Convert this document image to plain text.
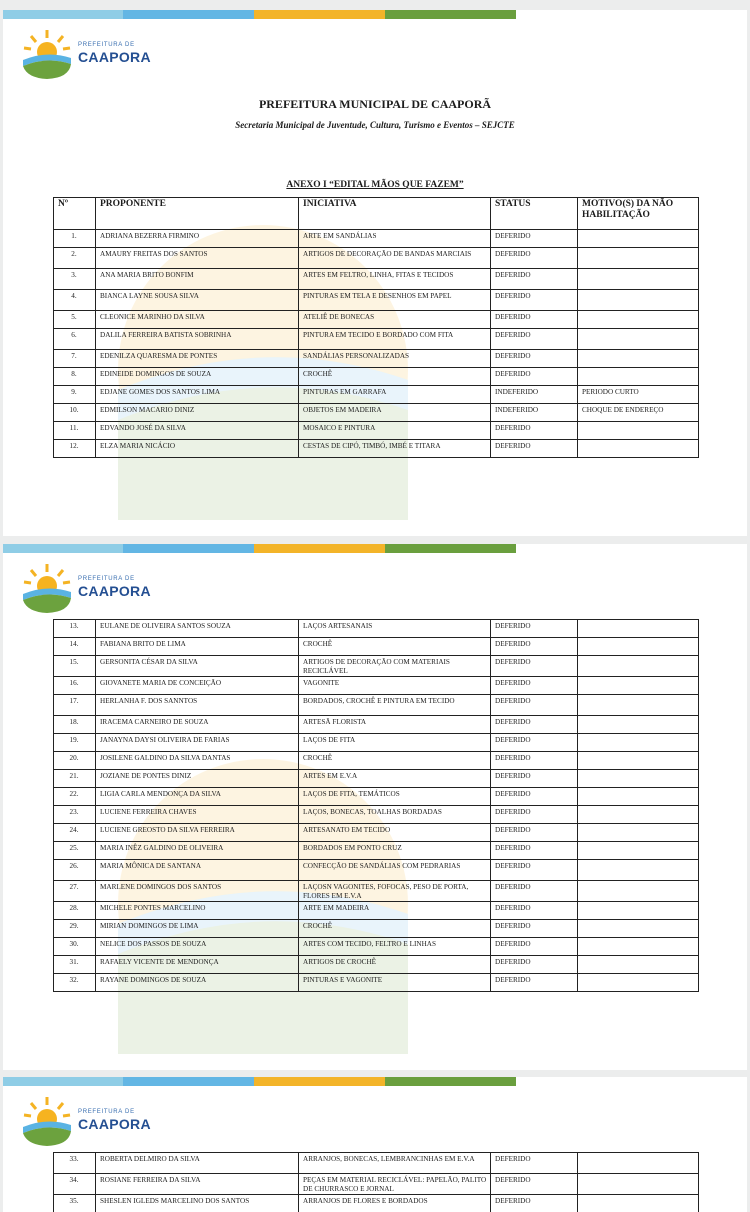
PREFEITURA DE
CAAPORA
PREFEITURA MUNICIPAL DE CAAPORÃ
Secretaria Municipal de Juventude, Cultura, Turismo e Eventos – SEJCTE
ANEXO I “EDITAL MÃOS QUE FAZEM”
Nº	PROPONENTE	INICIATIVA	STATUS	MOTIVO(S) DA NÃO HABILITAÇÃO
1.	ADRIANA BEZERRA FIRMINO	ARTE EM SANDÁLIAS	DEFERIDO	
2.	AMAURY FREITAS DOS SANTOS	ARTIGOS DE DECORAÇÃO DE BANDAS MARCIAIS	DEFERIDO	
3.	ANA MARIA BRITO BONFIM	ARTES EM FELTRO, LINHA, FITAS E TECIDOS	DEFERIDO	
4.	BIANCA LAYNE SOUSA SILVA	PINTURAS EM TELA E DESENHOS EM PAPEL	DEFERIDO	
5.	CLEONICE MARINHO DA SILVA	ATELIÊ DE BONECAS	DEFERIDO	
6.	DALILA FERREIRA BATISTA SOBRINHA	PINTURA EM TECIDO E BORDADO COM FITA	DEFERIDO	
7.	EDENILZA QUARESMA DE PONTES	SANDÁLIAS PERSONALIZADAS	DEFERIDO	
8.	EDINEIDE DOMINGOS DE SOUZA	CROCHÊ	DEFERIDO	
9.	EDJANE GOMES DOS SANTOS LIMA	PINTURAS EM GARRAFA	INDEFERIDO	PERIODO CURTO
10.	EDMILSON MACARIO DINIZ	OBJETOS EM MADEIRA	INDEFERIDO	CHOQUE DE ENDEREÇO
11.	EDVANDO JOSÉ DA SILVA	MOSAICO E PINTURA	DEFERIDO	
12.	ELZA MARIA NICÁCIO	CESTAS DE CIPÓ, TIMBÓ, IMBÉ E TITARA	DEFERIDO	
PREFEITURA DE
CAAPORA
13.	EULANE DE OLIVEIRA SANTOS SOUZA	LAÇOS ARTESANAIS	DEFERIDO	
14.	FABIANA BRITO DE LIMA	CROCHÊ	DEFERIDO	
15.	GERSONITA CÉSAR DA SILVA	ARTIGOS DE DECORAÇÃO COM MATERIAIS RECICLÁVEL	DEFERIDO	
16.	GIOVANETE MARIA DE CONCEIÇÃO	VAGONITE	DEFERIDO	
17.	HERLANHA F. DOS SANNTOS	BORDADOS, CROCHÊ E PINTURA EM TECIDO	DEFERIDO	
18.	IRACEMA CARNEIRO DE SOUZA	ARTESÃ FLORISTA	DEFERIDO	
19.	JANAYNA DAYSI OLIVEIRA DE FARIAS	LAÇOS DE FITA	DEFERIDO	
20.	JOSILENE GALDINO DA SILVA DANTAS	CROCHÊ	DEFERIDO	
21.	JOZIANE DE PONTES DINIZ	ARTES EM E.V.A	DEFERIDO	
22.	LIGIA CARLA MENDONÇA DA SILVA	LAÇOS DE FITA, TEMÁTICOS	DEFERIDO	
23.	LUCIENE FERREIRA CHAVES	LAÇOS, BONECAS, TOALHAS BORDADAS	DEFERIDO	
24.	LUCIENE GREOSTO DA SILVA FERREIRA	ARTESANATO EM TECIDO	DEFERIDO	
25.	MARIA INÊZ GALDINO DE OLIVEIRA	BORDADOS EM PONTO CRUZ	DEFERIDO	
26.	MARIA MÔNICA DE SANTANA	CONFECÇÃO DE SANDÁLIAS COM PEDRARIAS	DEFERIDO	
27.	MARLENE DOMINGOS DOS SANTOS	LAÇOSN VAGONITES, FOFOCAS, PESO DE PORTA, FLORES EM E.V.A	DEFERIDO	
28.	MICHELE PONTES MARCELINO	ARTE EM MADEIRA	DEFERIDO	
29.	MIRIAN DOMINGOS DE LIMA	CROCHÊ	DEFERIDO	
30.	NELICE DOS PASSOS DE SOUZA	ARTES COM TECIDO, FELTRO E LINHAS	DEFERIDO	
31.	RAFAELY VICENTE DE MENDONÇA	ARTIGOS DE CROCHÊ	DEFERIDO	
32.	RAYANE DOMINGOS DE SOUZA	PINTURAS E VAGONITE	DEFERIDO	
PREFEITURA DE
CAAPORA
33.	ROBERTA DELMIRO DA SILVA	ARRANJOS, BONECAS, LEMBRANCINHAS EM E.V.A	DEFERIDO	
34.	ROSIANE FERREIRA DA SILVA	PEÇAS EM MATERIAL RECICLÁVEL: PAPELÃO, PALITO DE CHURRASCO E JORNAL	DEFERIDO	
35.	SHESLEN IGLEDS MARCELINO DOS SANTOS	ARRANJOS DE FLORES E BORDADOS	DEFERIDO	
